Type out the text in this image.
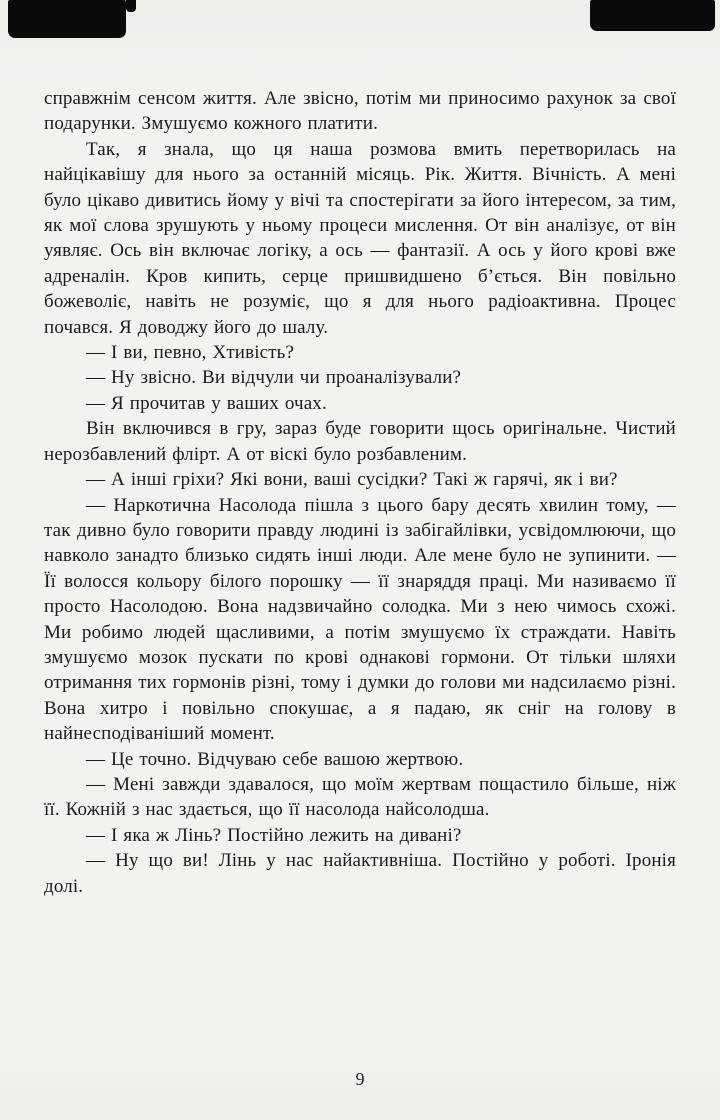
справжнім сенсом життя. Але звісно, потім ми приносимо рахунок за свої подарунки. Змушуємо кожного платити.

Так, я знала, що ця наша розмова вмить перетворилась на найцікавішу для нього за останній місяць. Рік. Життя. Вічність. А мені було цікаво дивитись йому у вічі та спостерігати за його інтересом, за тим, як мої слова зрушують у ньому процеси мислення. От він аналізує, от він уявляє. Ось він включає логіку, а ось — фантазії. А ось у його крові вже адреналін. Кров кипить, серце пришвидшено б’ється. Він повільно божеволіє, навіть не розуміє, що я для нього радіоактивна. Процес почався. Я доводжу його до шалу.

— І ви, певно, Хтивість?

— Ну звісно. Ви відчули чи проаналізували?

— Я прочитав у ваших очах.

Він включився в гру, зараз буде говорити щось оригінальне. Чистий нерозбавлений флірт. А от віскі було розбавленим.

— А інші гріхи? Які вони, ваші сусідки? Такі ж гарячі, як і ви?

— Наркотична Насолода пішла з цього бару десять хвилин тому, — так дивно було говорити правду людині із забігайлівки, усвідомлюючи, що навколо занадто близько сидять інші люди. Але мене було не зупинити. — Її волосся кольору білого порошку — її знаряддя праці. Ми називаємо її просто Насолодою. Вона надзвичайно солодка. Ми з нею чимось схожі. Ми робимо людей щасливими, а потім змушуємо їх страждати. Навіть змушуємо мозок пускати по крові однакові гормони. От тільки шляхи отримання тих гормонів різні, тому і думки до голови ми надсилаємо різні. Вона хитро і повільно спокушає, а я падаю, як сніг на голову в найнесподіваніший момент.

— Це точно. Відчуваю себе вашою жертвою.

— Мені завжди здавалося, що моїм жертвам пощастило більше, ніж її. Кожній з нас здається, що її насолода найсолодша.

— І яка ж Лінь? Постійно лежить на дивані?

— Ну що ви! Лінь у нас найактивніша. Постійно у роботі. Іронія долі.

9
